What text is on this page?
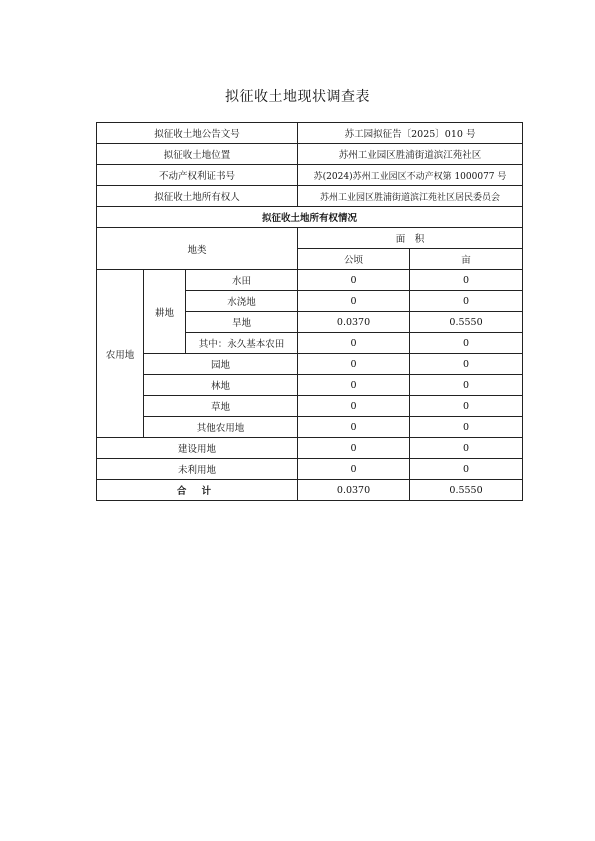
拟征收土地现状调查表
拟征收土地公告文号			苏工园拟征告〔2025〕010 号	
拟征收土地位置			苏州工业园区胜浦街道滨江苑社区	
不动产权利证书号			苏(2024)苏州工业园区不动产权第 1000077 号	
拟征收土地所有权人			苏州工业园区胜浦街道滨江苑社区居民委员会	
拟征收土地所有权情况				
地类			面　积	
			公顷	亩
农用地	耕地	水田	0	0
		水浇地	0	0
		旱地	0.0370	0.5550
		其中：永久基本农田	0	0
	园地		0	0
	林地		0	0
	草地		0	0
	其他农用地		0	0
建设用地			0	0
未利用地			0	0
合 计			0.0370	0.5550
